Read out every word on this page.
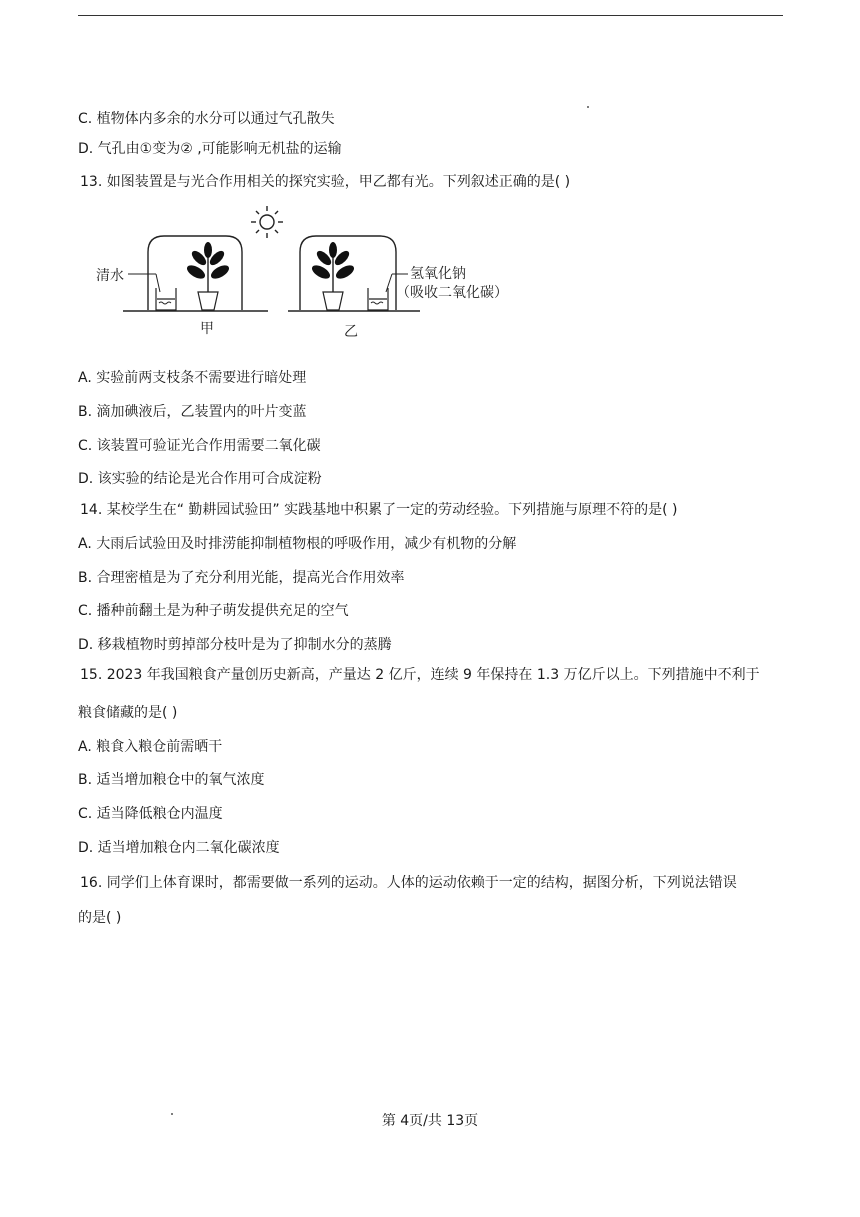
C. 植物体内多余的水分可以通过气孔散失
D. 气孔由①变为② ,可能影响无机盐的运输
13. 如图装置是与光合作用相关的探究实验，甲乙都有光。下列叙述正确的是( )
清水
甲
氢氧化钠
（吸收二氧化碳）
乙
A. 实验前两支枝条不需要进行暗处理
B. 滴加碘液后，乙装置内的叶片变蓝
C. 该装置可验证光合作用需要二氧化碳
D. 该实验的结论是光合作用可合成淀粉
14. 某校学生在“ 勤耕园试验田” 实践基地中积累了一定的劳动经验。下列措施与原理不符的是( )
A. 大雨后试验田及时排涝能抑制植物根的呼吸作用，减少有机物的分解
B. 合理密植是为了充分利用光能，提高光合作用效率
C. 播种前翻土是为种子萌发提供充足的空气
D. 移栽植物时剪掉部分枝叶是为了抑制水分的蒸腾
15. 2023 年我国粮食产量创历史新高，产量达 2 亿斤，连续 9 年保持在 1.3 万亿斤以上。下列措施中不利于
粮食储藏的是( )
A. 粮食入粮仓前需晒干
B. 适当增加粮仓中的氧气浓度
C. 适当降低粮仓内温度
D. 适当增加粮仓内二氧化碳浓度
16. 同学们上体育课时，都需要做一系列的运动。人体的运动依赖于一定的结构，据图分析，下列说法错误
的是( )
第 4页/共 13页
